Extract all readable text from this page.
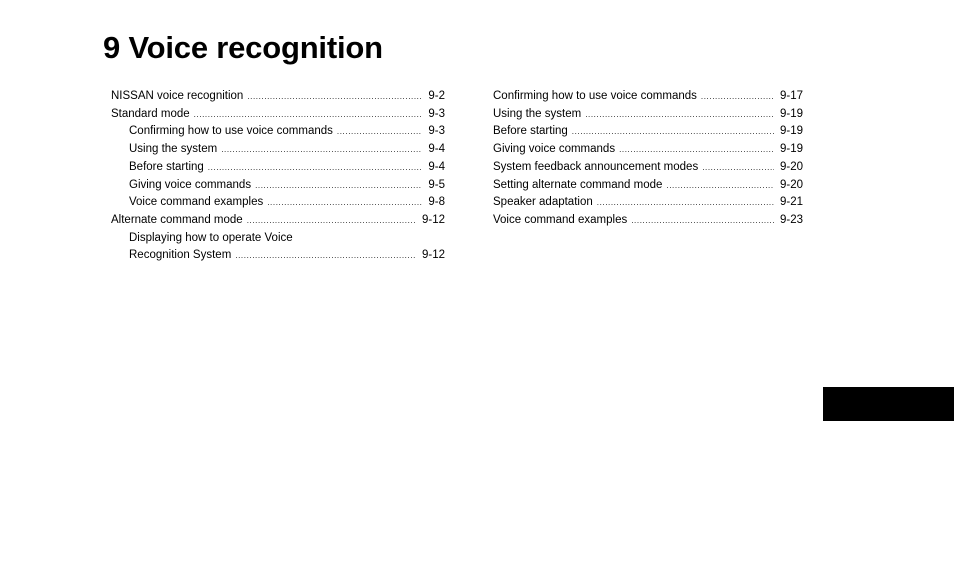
9 Voice recognition
NISSAN voice recognition .....	9-2
Standard mode .....	9-3
Confirming how to use voice commands .....	9-3
Using the system .....	9-4
Before starting .....	9-4
Giving voice commands .....	9-5
Voice command examples .....	9-8
Alternate command mode .....	9-12
Displaying how to operate Voice
Recognition System .....	9-12
Confirming how to use voice commands .....	9-17
Using the system .....	9-19
Before starting .....	9-19
Giving voice commands .....	9-19
System feedback announcement modes .....	9-20
Setting alternate command mode .....	9-20
Speaker adaptation .....	9-21
Voice command examples .....	9-23
